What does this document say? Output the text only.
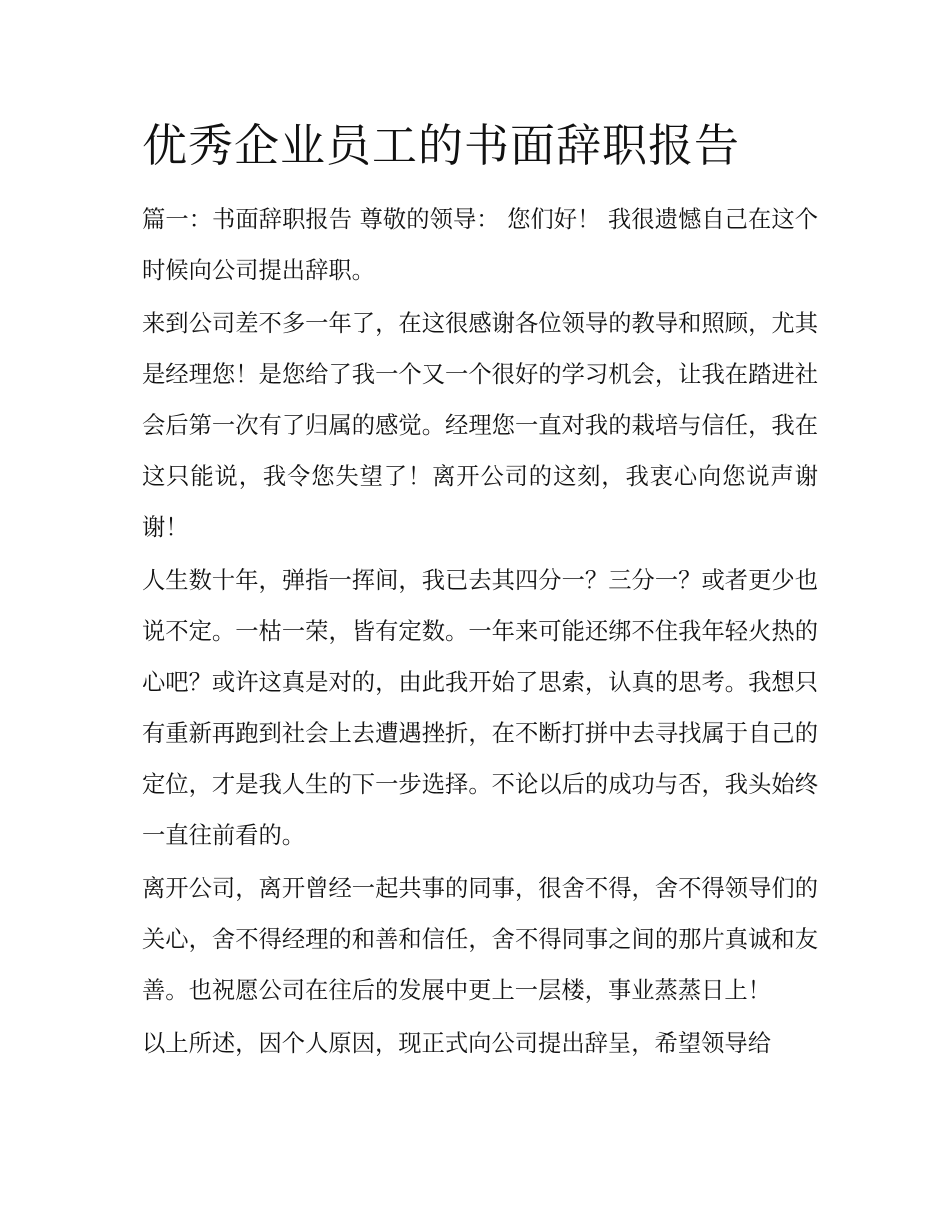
优秀企业员工的书面辞职报告

篇一：书面辞职报告 尊敬的领导： 您们好！ 我很遗憾自己在这个时候向公司提出辞职。

来到公司差不多一年了，在这很感谢各位领导的教导和照顾，尤其是经理您！是您给了我一个又一个很好的学习机会，让我在踏进社会后第一次有了归属的感觉。经理您一直对我的栽培与信任，我在这只能说，我令您失望了！离开公司的这刻，我衷心向您说声谢谢！

人生数十年，弹指一挥间，我已去其四分一？三分一？或者更少也说不定。一枯一荣，皆有定数。一年来可能还绑不住我年轻火热的心吧？或许这真是对的，由此我开始了思索，认真的思考。我想只有重新再跑到社会上去遭遇挫折，在不断打拼中去寻找属于自己的定位，才是我人生的下一步选择。不论以后的成功与否，我头始终一直往前看的。

离开公司，离开曾经一起共事的同事，很舍不得，舍不得领导们的关心，舍不得经理的和善和信任，舍不得同事之间的那片真诚和友善。也祝愿公司在往后的发展中更上一层楼，事业蒸蒸日上！

以上所述，因个人原因，现正式向公司提出辞呈，希望领导给
